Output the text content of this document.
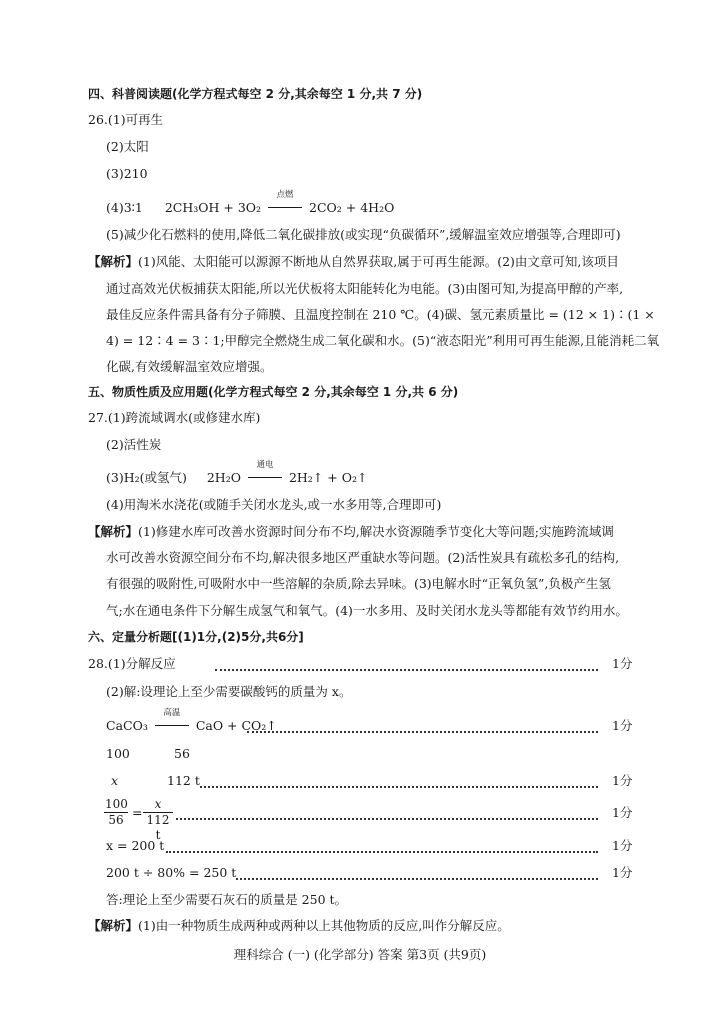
四、科普阅读题(化学方程式每空 2 分,其余每空 1 分,共 7 分)
26.(1)可再生
(2)太阳
(3)210
(4)3∶1 2CH₃OH + 3O₂
点燃
2CO₂ + 4H₂O
(5)减少化石燃料的使用,降低二氧化碳排放(或实现“负碳循环”,缓解温室效应增强等,合理即可)
【解析】(1)风能、太阳能可以源源不断地从自然界获取,属于可再生能源。(2)由文章可知,该项目
通过高效光伏板捕获太阳能,所以光伏板将太阳能转化为电能。(3)由图可知,为提高甲醇的产率,
最佳反应条件需具备有分子筛膜、且温度控制在 210 ℃。(4)碳、氢元素质量比 = (12 × 1)∶(1 ×
4) = 12∶4 = 3∶1;甲醇完全燃烧生成二氧化碳和水。(5)“液态阳光”利用可再生能源,且能消耗二氧
化碳,有效缓解温室效应增强。
五、物质性质及应用题(化学方程式每空 2 分,其余每空 1 分,共 6 分)
27.(1)跨流域调水(或修建水库)
(2)活性炭
(3)H₂(或氢气) 2H₂O
通电
2H₂↑ + O₂↑
(4)用淘米水浇花(或随手关闭水龙头,或一水多用等,合理即可)
【解析】(1)修建水库可改善水资源时间分布不均,解决水资源随季节变化大等问题;实施跨流域调
水可改善水资源空间分布不均,解决很多地区严重缺水等问题。(2)活性炭具有疏松多孔的结构,
有很强的吸附性,可吸附水中一些溶解的杂质,除去异味。(3)电解水时“正氧负氢”,负极产生氢
气;水在通电条件下分解生成氢气和氧气。(4)一水多用、及时关闭水龙头等都能有效节约用水。
六、定量分析题[(1)1分,(2)5分,共6分]
28.(1)分解反应	1分
(2)解:设理论上至少需要碳酸钙的质量为 x。
CaCO₃
高温
CaO + CO₂↑	1分
100	56
x	112 t	1分
$\frac{100}{56} = \frac{x}{112 t}$	1分
x = 200 t	1分
200 t ÷ 80% = 250 t	1分
答:理论上至少需要石灰石的质量是 250 t。
【解析】(1)由一种物质生成两种或两种以上其他物质的反应,叫作分解反应。
理科综合 (一) (化学部分) 答案 第3页 (共9页)
